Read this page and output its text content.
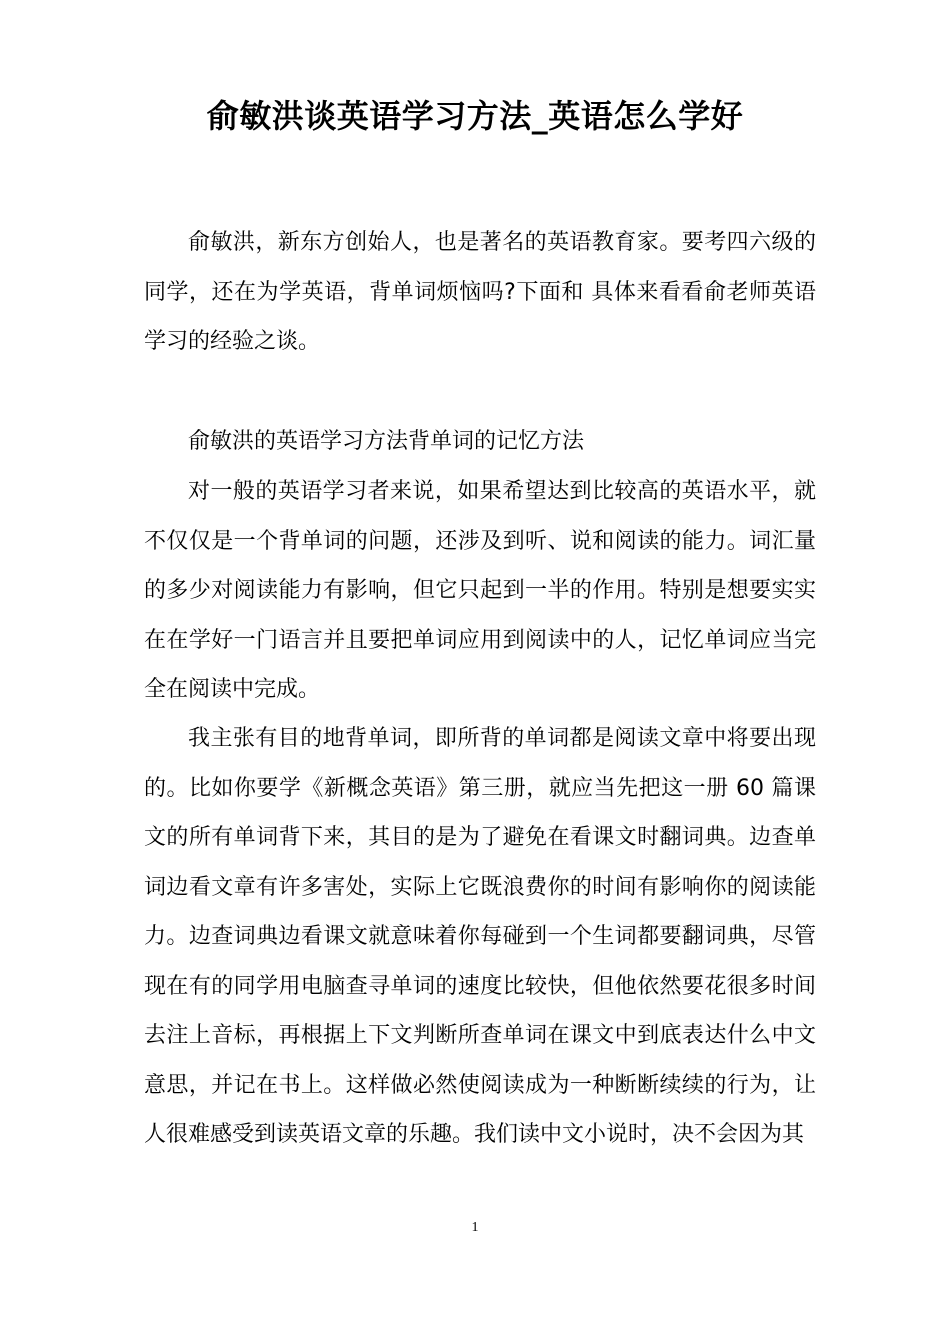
俞敏洪谈英语学习方法_英语怎么学好
俞敏洪，新东方创始人，也是著名的英语教育家。要考四六级的同学，还在为学英语，背单词烦恼吗?下面和 具体来看看俞老师英语学习的经验之谈。
俞敏洪的英语学习方法背单词的记忆方法
对一般的英语学习者来说，如果希望达到比较高的英语水平，就不仅仅是一个背单词的问题，还涉及到听、说和阅读的能力。词汇量的多少对阅读能力有影响，但它只起到一半的作用。特别是想要实实在在学好一门语言并且要把单词应用到阅读中的人，记忆单词应当完全在阅读中完成。
我主张有目的地背单词，即所背的单词都是阅读文章中将要出现的。比如你要学《新概念英语》第三册，就应当先把这一册 60 篇课文的所有单词背下来，其目的是为了避免在看课文时翻词典。边查单词边看文章有许多害处，实际上它既浪费你的时间有影响你的阅读能力。边查词典边看课文就意味着你每碰到一个生词都要翻词典，尽管现在有的同学用电脑查寻单词的速度比较快，但他依然要花很多时间去注上音标，再根据上下文判断所查单词在课文中到底表达什么中文意思，并记在书上。这样做必然使阅读成为一种断断续续的行为，让人很难感受到读英语文章的乐趣。我们读中文小说时，决不会因为其
1
